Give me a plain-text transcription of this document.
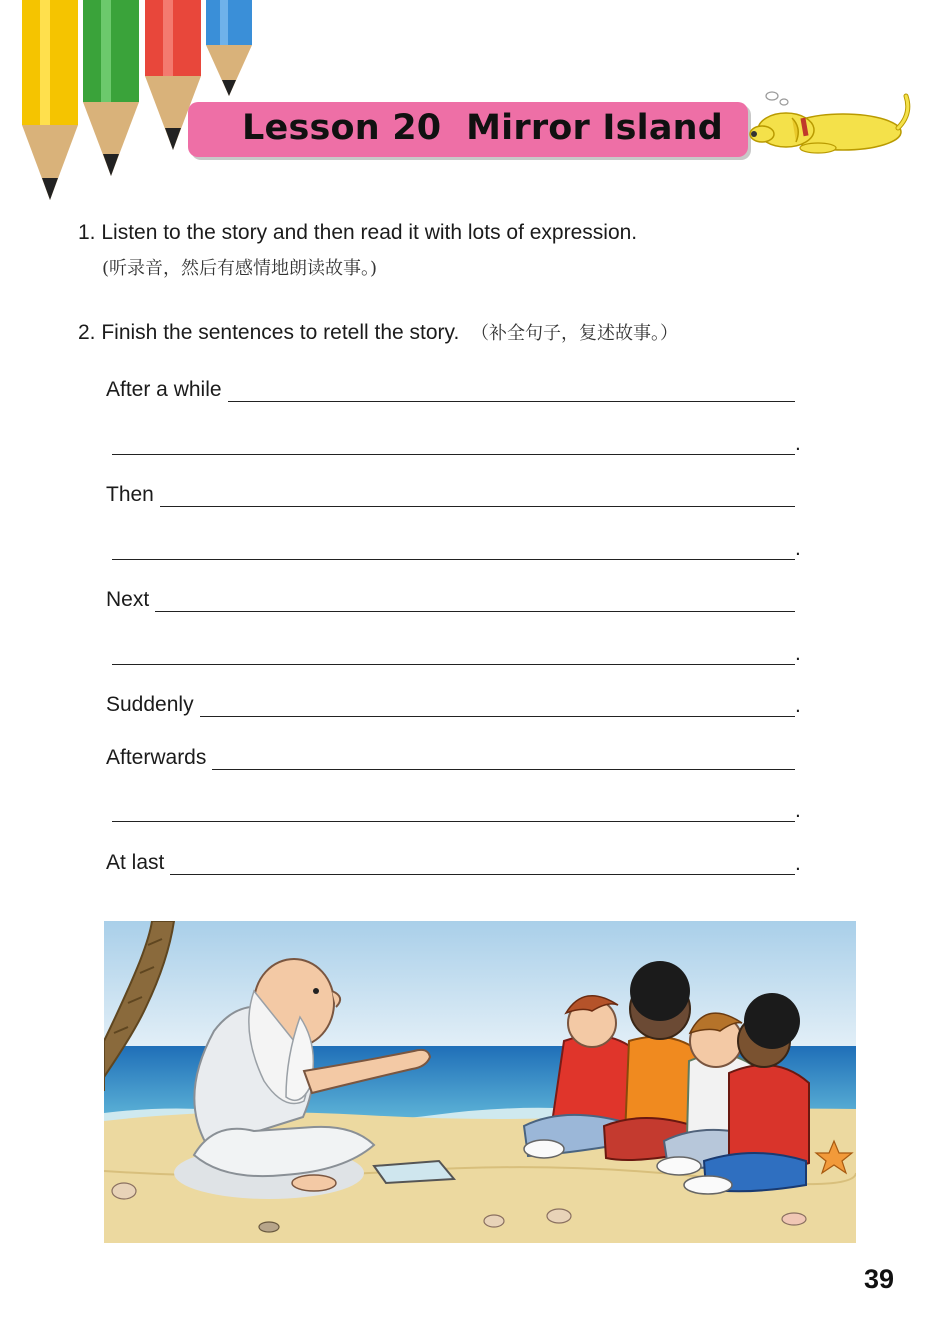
Lesson 20  Mirror Island
1. Listen to the story and then read it with lots of expression.
(听录音，然后有感情地朗读故事。)
2. Finish the sentences to retell the story. （补全句子，复述故事。）
After a while
.
Then
.
Next
.
Suddenly	.
Afterwards
.
At last	.
39
